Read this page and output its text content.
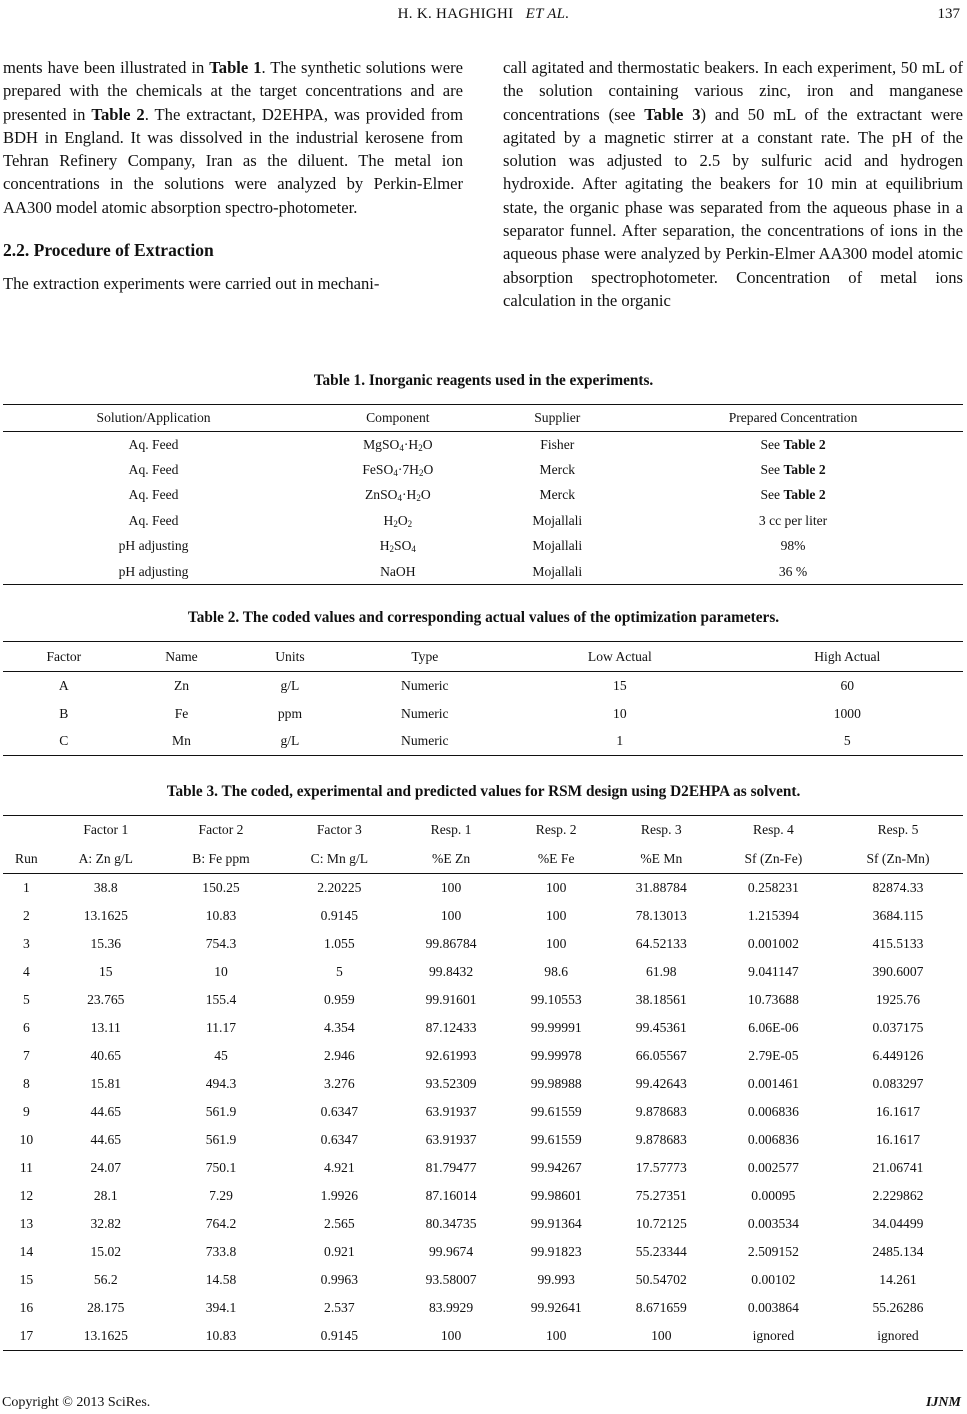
H. K. HAGHIGHI ET AL.	137

ments have been illustrated in Table 1. The synthetic solutions were prepared with the chemicals at the target concentrations and are presented in Table 2. The extractant, D2EHPA, was provided from BDH in England. It was dissolved in the industrial kerosene from Tehran Refinery Company, Iran as the diluent. The metal ion concentrations in the solutions were analyzed by Perkin-Elmer AA300 model atomic absorption spectro-photometer.

2.2. Procedure of Extraction

The extraction experiments were carried out in mechani-

call agitated and thermostatic beakers. In each experiment, 50 mL of the solution containing various zinc, iron and manganese concentrations (see Table 3) and 50 mL of the extractant were agitated by a magnetic stirrer at a constant rate. The pH of the solution was adjusted to 2.5 by sulfuric acid and hydrogen hydroxide. After agitating the beakers for 10 min at equilibrium state, the organic phase was separated from the aqueous phase in a separator funnel. After separation, the concentrations of ions in the aqueous phase were analyzed by Perkin-Elmer AA300 model atomic absorption spectrophotometer. Concentration of metal ions calculation in the organic

Table 1. Inorganic reagents used in the experiments.
Solution/Application	Component	Supplier	Prepared Concentration
Aq. Feed	$MgSO_4\cdot H_2O$	Fisher	See Table 2
Aq. Feed	$FeSO_4\cdot 7H_2O$	Merck	See Table 2
Aq. Feed	$ZnSO_4\cdot H_2O$	Merck	See Table 2
Aq. Feed	$H_2O_2$	Mojallali	3 cc per liter
pH adjusting	$H_2SO_4$	Mojallali	98%
pH adjusting	NaOH	Mojallali	36 %
Table 2. The coded values and corresponding actual values of the optimization parameters.
Factor	Name	Units	Type	Low Actual	High Actual
A	Zn	g/L	Numeric	15	60
B	Fe	ppm	Numeric	10	1000
C	Mn	g/L	Numeric	1	5
Table 3. The coded, experimental and predicted values for RSM design using D2EHPA as solvent.
	Factor 1	Factor 2	Factor 3	Resp. 1	Resp. 2	Resp. 3	Resp. 4	Resp. 5
Run	A: Zn g/L	B: Fe ppm	C: Mn g/L	%E Zn	%E Fe	%E Mn	Sf (Zn-Fe)	Sf (Zn-Mn)
1	38.8	150.25	2.20225	100	100	31.88784	0.258231	82874.33
2	13.1625	10.83	0.9145	100	100	78.13013	1.215394	3684.115
3	15.36	754.3	1.055	99.86784	100	64.52133	0.001002	415.5133
4	15	10	5	99.8432	98.6	61.98	9.041147	390.6007
5	23.765	155.4	0.959	99.91601	99.10553	38.18561	10.73688	1925.76
6	13.11	11.17	4.354	87.12433	99.99991	99.45361	6.06E-06	0.037175
7	40.65	45	2.946	92.61993	99.99978	66.05567	2.79E-05	6.449126
8	15.81	494.3	3.276	93.52309	99.98988	99.42643	0.001461	0.083297
9	44.65	561.9	0.6347	63.91937	99.61559	9.878683	0.006836	16.1617
10	44.65	561.9	0.6347	63.91937	99.61559	9.878683	0.006836	16.1617
11	24.07	750.1	4.921	81.79477	99.94267	17.57773	0.002577	21.06741
12	28.1	7.29	1.9926	87.16014	99.98601	75.27351	0.00095	2.229862
13	32.82	764.2	2.565	80.34735	99.91364	10.72125	0.003534	34.04499
14	15.02	733.8	0.921	99.9674	99.91823	55.23344	2.509152	2485.134
15	56.2	14.58	0.9963	93.58007	99.993	50.54702	0.00102	14.261
16	28.175	394.1	2.537	83.9929	99.92641	8.671659	0.003864	55.26286
17	13.1625	10.83	0.9145	100	100	100	ignored	ignored
Copyright © 2013 SciRes.	IJNM
